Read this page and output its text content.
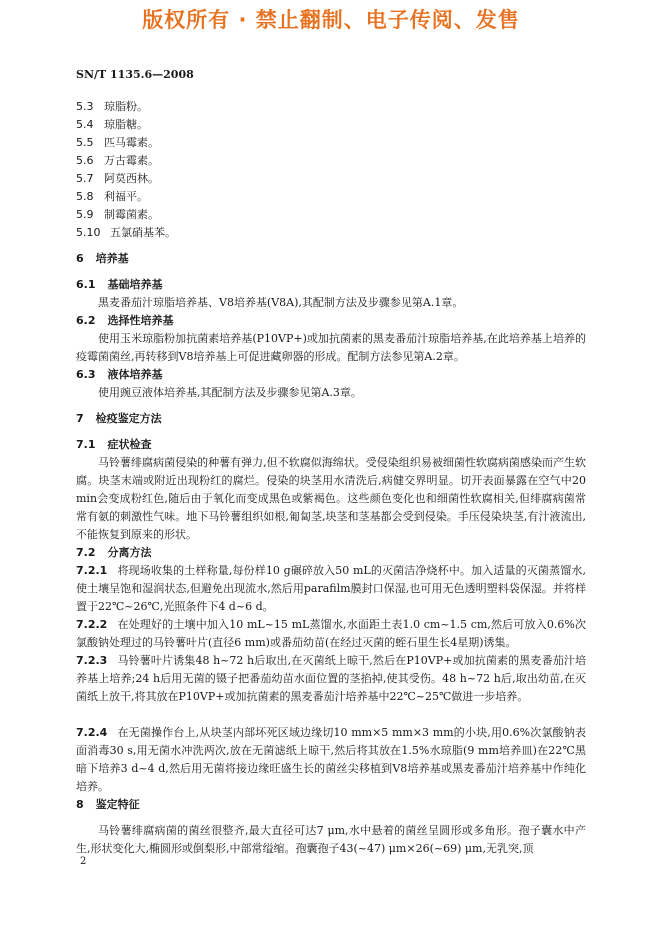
版权所有 · 禁止翻制、电子传阅、发售
SN/T 1135.6—2008
5.3 琼脂粉。
5.4 琼脂糖。
5.5 匹马霉素。
5.6 万古霉素。
5.7 阿莫西林。
5.8 利福平。
5.9 制霉菌素。
5.10 五氯硝基苯。
6 培养基
6.1 基础培养基
黑麦番茄汁琼脂培养基、V8培养基(V8A),其配制方法及步骤参见第A.1章。
6.2 选择性培养基
使用玉米琼脂粉加抗菌素培养基(P10VP+)或加抗菌素的黑麦番茄汁琼脂培养基,在此培养基上培养的疫霉菌菌丝,再转移到V8培养基上可促进藏卵器的形成。配制方法参见第A.2章。
6.3 液体培养基
使用豌豆液体培养基,其配制方法及步骤参见第A.3章。
7 检疫鉴定方法
7.1 症状检查
马铃薯绯腐病菌侵染的种薯有弹力,但不软腐似海绵状。受侵染组织易被细菌性软腐病菌感染而产生软腐。块茎末端或附近出现粉红的腐烂。侵染的块茎用水清洗后,病健交界明显。切开表面暴露在空气中20 min会变成粉红色,随后由于氧化而变成黑色或紫褐色。这些颜色变化也和细菌性软腐相关,但绯腐病菌常常有氨的刺激性气味。地下马铃薯组织如根,匍匐茎,块茎和茎基都会受到侵染。手压侵染块茎,有汁液流出,不能恢复到原来的形状。
7.2 分离方法
7.2.1 将现场收集的土样称量,每份样10 g碾碎放入50 mL的灭菌洁净烧杯中。加入适量的灭菌蒸馏水,使土壤呈饱和湿润状态,但避免出现流水,然后用parafilm膜封口保湿,也可用无色透明塑料袋保湿。并将样置于22℃~26℃,光照条件下4 d~6 d。
7.2.2 在处理好的土壤中加入10 mL~15 mL蒸馏水,水面距土表1.0 cm~1.5 cm,然后可放入0.6%次氯酸钠处理过的马铃薯叶片(直径6 mm)或番茄幼苗(在经过灭菌的蛭石里生长4星期)诱集。
7.2.3 马铃薯叶片诱集48 h~72 h后取出,在灭菌纸上晾干,然后在P10VP+或加抗菌素的黑麦番茄汁培养基上培养;24 h后用无菌的镊子把番茄幼苗水面位置的茎掐掉,使其受伤。48 h~72 h后,取出幼苗,在灭菌纸上放干,将其放在P10VP+或加抗菌素的黑麦番茄汁培养基中22℃~25℃做进一步培养。
7.2.4 在无菌操作台上,从块茎内部坏死区域边缘切10 mm×5 mm×3 mm的小块,用0.6%次氯酸钠表面消毒30 s,用无菌水冲洗两次,放在无菌滤纸上晾干,然后将其放在1.5%水琼脂(9 mm培养皿)在22℃黑暗下培养3 d~4 d,然后用无菌将接边缘旺盛生长的菌丝尖移植到V8培养基或黑麦番茄汁培养基中作纯化培养。
8 鉴定特征
马铃薯绯腐病菌的菌丝很整齐,最大直径可达7 μm,水中悬着的菌丝呈圆形或多角形。孢子囊水中产生,形状变化大,椭圆形或倒梨形,中部常缢缩。孢囊孢子43(~47) μm×26(~69) μm,无乳突,顶
2
